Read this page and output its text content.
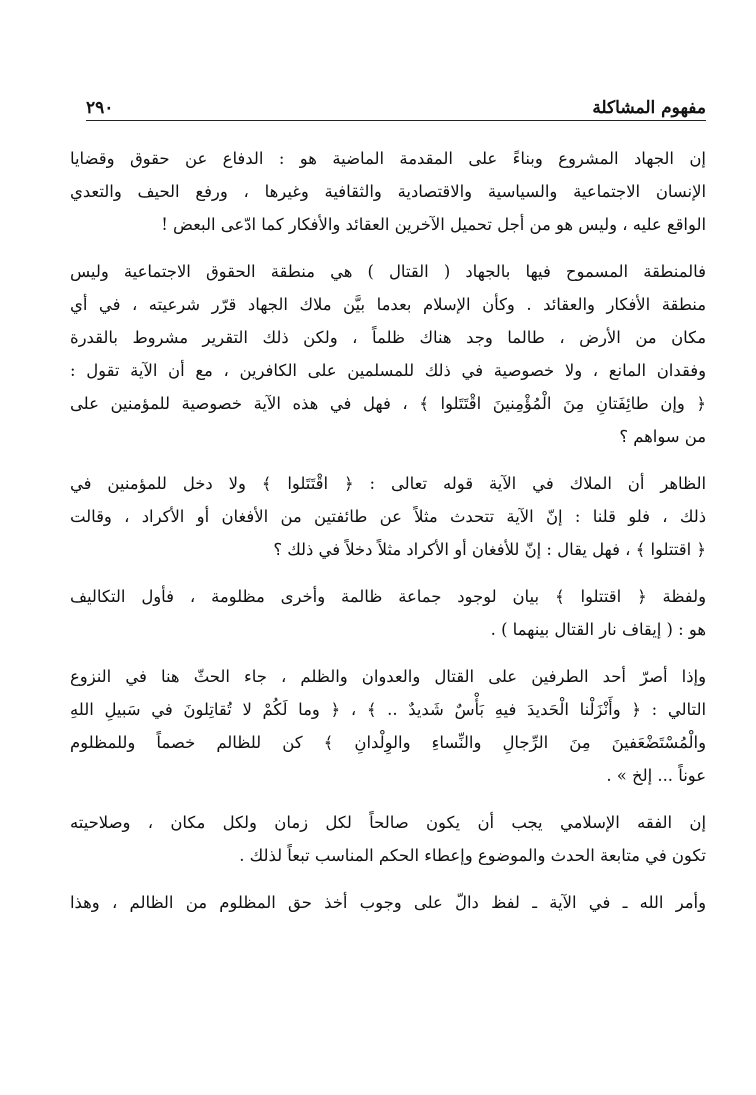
مفهوم المشاكلة
٢٩٠
إن الجهاد المشروع وبناءً على المقدمة الماضية هو : الدفاع عن حقوق وقضايا
الإنسان الاجتماعية والسياسية والاقتصادية والثقافية وغيرها ، ورفع الحيف والتعدي
الواقع عليه ، وليس هو من أجل تحميل الآخرين العقائد والأفكار كما ادّعى البعض !
فالمنطقة المسموح فيها بالجهاد ( القتال ) هي منطقة الحقوق الاجتماعية وليس
منطقة الأفكار والعقائد . وكأن الإسلام بعدما بيَّن ملاك الجهاد قرّر شرعيته ، في أي
مكان من الأرض ، طالما وجد هناك ظلماً ، ولكن ذلك التقرير مشروط بالقدرة
وفقدان المانع ، ولا خصوصية في ذلك للمسلمين على الكافرين ، مع أن الآية تقول :
﴿ وإن طائِفَتانِ مِنَ الْمُؤْمِنينَ اقْتَتَلوا ﴾ ، فهل في هذه الآية خصوصية للمؤمنين على
من سواهم ؟
الظاهر أن الملاك في الآية قوله تعالى : ﴿ اقْتَتَلوا ﴾ ولا دخل للمؤمنين في
ذلك ، فلو قلنا : إنّ الآية تتحدث مثلاً عن طائفتين من الأفغان أو الأكراد ، وقالت
﴿ اقتتلوا ﴾ ، فهل يقال : إنّ للأفغان أو الأكراد مثلاً دخلاً في ذلك ؟
ولفظة ﴿ اقتتلوا ﴾ بيان لوجود جماعة ظالمة وأخرى مظلومة ، فأول التكاليف
هو : ( إيقاف نار القتال بينهما ) .
وإذا أصرّ أحد الطرفين على القتال والعدوان والظلم ، جاء الحثّ هنا في النزوع
التالي : ﴿ وأَنْزَلْنا الْحَديدَ فيهِ بَأْسٌ شَديدٌ .. ﴾ ، ﴿ وما لَكُمْ لا تُقاتِلونَ في سَبيلِ اللهِ
والْمُسْتَضْعَفينَ مِنَ الرِّجالِ والنِّساءِ والوِلْدانِ ﴾ كن للظالم خصماً وللمظلوم
عوناً ... إلخ » .
إن الفقه الإسلامي يجب أن يكون صالحاً لكل زمان ولكل مكان ، وصلاحيته
تكون في متابعة الحدث والموضوع وإعطاء الحكم المناسب تبعاً لذلك .
وأمر الله ـ في الآية ـ لفظ دالّ على وجوب أخذ حق المظلوم من الظالم ، وهذا
